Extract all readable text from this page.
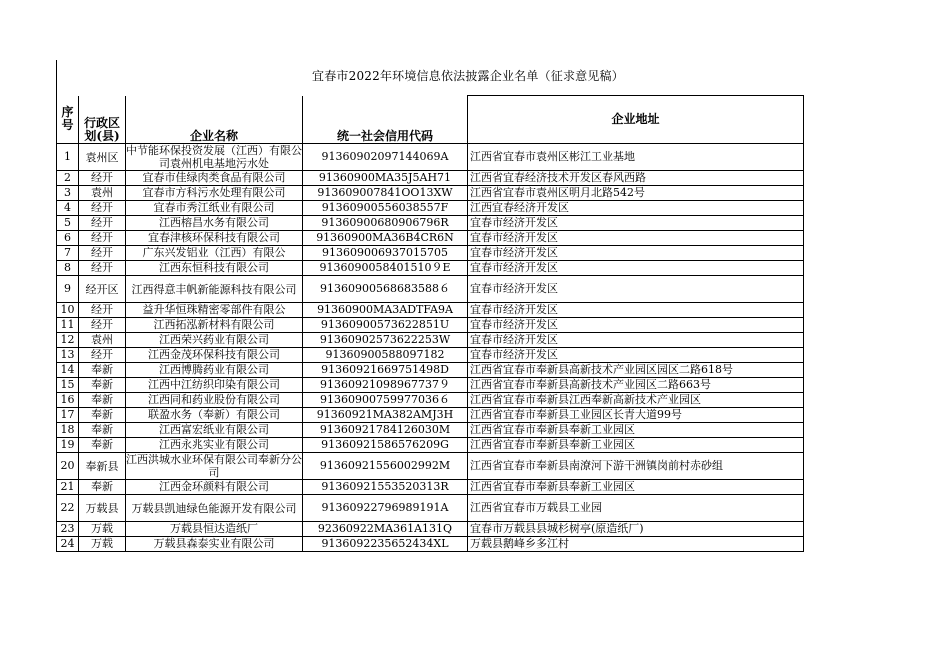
宜春市2022年环境信息依法披露企业名单（征求意见稿）
序号	行政区划(县)	企业名称	统一社会信用代码	企业地址
1	袁州区	中节能环保投资发展（江西）有限公司袁州机电基地污水处	91360902097144069A	江西省宜春市袁州区彬江工业基地
2	经开	宜春市佳绿肉类食品有限公司	91360900MA35J5AH71	江西省宜春经济技术开发区春风西路
3	袁州	宜春市方科污水处理有限公司	913609007841OO13XW	江西省宜春市袁州区明月北路542号
4	经开	宜春市秀江纸业有限公司	91360900556038557F	江西宜春经济开发区
5	经开	江西榕昌水务有限公司	91360900680906796R	宜春市经济开发区
6	经开	宜春津核环保科技有限公司	91360900MA36B4CR6N	宜春市经济开发区
7	经开	广东兴发铝业（江西）有限公	913609006937015705	宜春市经济开发区
8	经开	江西东恒科技有限公司	9136090058401510９E	宜春市经济开发区
9	经开区	江西得意丰帆新能源科技有限公司	91360900568683588６	宜春市经济开发区
10	经开	益升华恒珠精密零部件有限公	91360900MA3ADTFA9A	宜春市经济开发区
11	经开	江西拓泓新材料有限公司	91360900573622851U	宜春市经济开发区
12	袁州	江西荣兴药业有限公司	91360902573622253W	宜春市经济开发区
13	经开	江西金茂环保科技有限公司	91360900588097182	宜春市经济开发区
14	奉新	江西博腾药业有限公司	91360921669751498D	江西省宜春市奉新县高新技术产业园区园区二路618号
15	奉新	江西中江纺织印染有限公司	91360921098967737９	江西省宜春市奉新县高新技术产业园区二路663号
16	奉新	江西同和药业股份有限公司	91360900759977036６	江西省宜春市奉新县江西奉新高新技术产业园区
17	奉新	联盈水务（奉新）有限公司	91360921MA382AMJ3H	江西省宜春市奉新县工业园区长青大道99号
18	奉新	江西富宏纸业有限公司	91360921784126030M	江西省宜春市奉新县奉新工业园区
19	奉新	江西永兆实业有限公司	91360921586576209G	江西省宜春市奉新县奉新工业园区
20	奉新县	江西洪城水业环保有限公司奉新分公司	91360921556002992M	江西省宜春市奉新县南潦河下游干洲镇岗前村赤砂组
21	奉新	江西金环颜料有限公司	91360921553520313R	江西省宜春市奉新县奉新工业园区
22	万载县	万载县凯迪绿色能源开发有限公司	91360922796989191A	江西省宜春市万载县工业园
23	万载	万载县恒达造纸厂	92360922MA361A131Q	宜春市万载县县城杉树亭(原造纸厂)
24	万载	万载县森泰实业有限公司	9136092235652434XL	万载县鹅峰乡多江村
